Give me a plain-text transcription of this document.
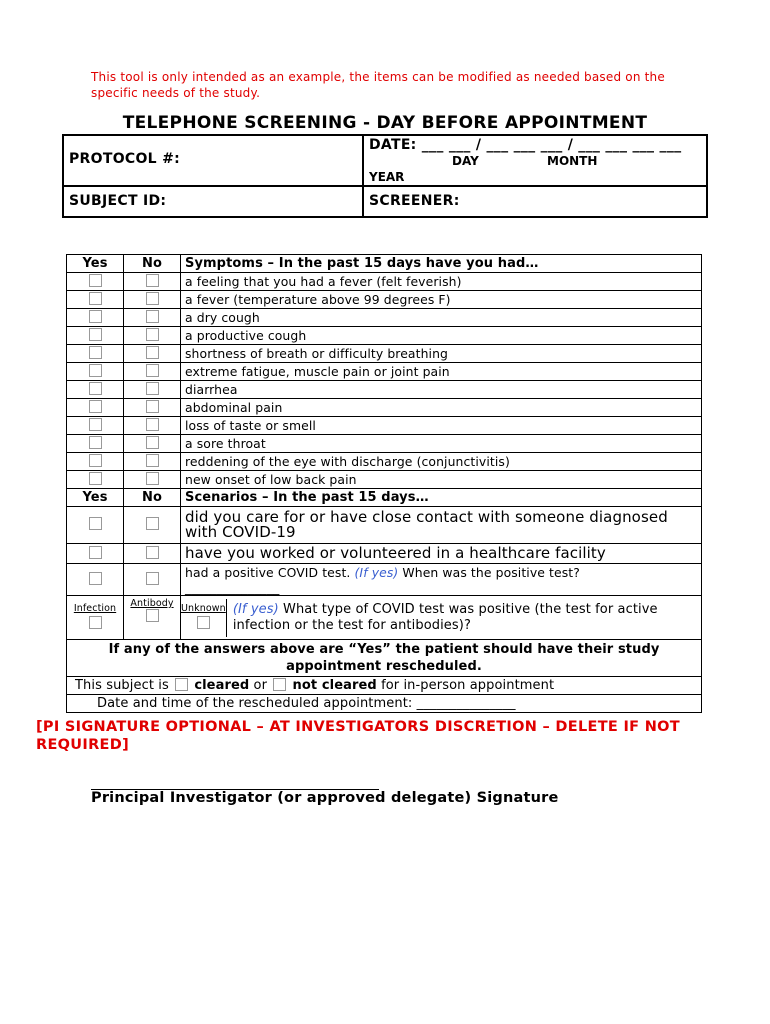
This tool is only intended as an example, the items can be modified as needed based on the specific needs of the study.
TELEPHONE SCREENING - DAY BEFORE APPOINTMENT
PROTOCOL #:
DATE: ___ ___ / ___ ___ ___ / ___ ___ ___ ___
DAY	MONTH
YEAR
SUBJECT ID:	SCREENER:
Yes	No	Symptoms – In the past 15 days have you had…
		a feeling that you had a fever (felt feverish)
		a fever (temperature above 99 degrees F)
		a dry cough
		a productive cough
		shortness of breath or difficulty breathing
		extreme fatigue, muscle pain or joint pain
		diarrhea
		abdominal pain
		loss of taste or smell
		a sore throat
		reddening of the eye with discharge (conjunctivitis)
		new onset of low back pain
Yes	No	Scenarios – In the past 15 days…
		did you care for or have close contact with someone diagnosed with COVID-19
		have you worked or volunteered in a healthcare facility
		had a positive COVID test. (If yes) When was the positive test?
_______________

Infection	Antibody	Unknown (If yes) What type of COVID test was positive (the test for active infection or the test for antibodies)?

If any of the answers above are “Yes” the patient should have their study appointment rescheduled.		
This subject is cleared or not cleared for in-person appointment		
Date and time of the rescheduled appointment: _______________		
[PI SIGNATURE OPTIONAL – AT INVESTIGATORS DISCRETION – DELETE IF NOT REQUIRED]
Principal Investigator (or approved delegate) Signature
